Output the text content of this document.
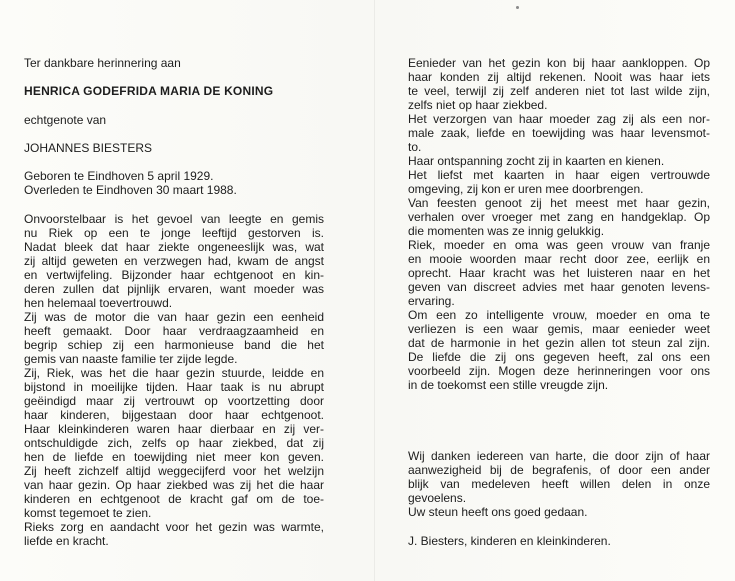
Ter dankbare herinnering aan
HENRICA GODEFRIDA MARIA DE KONING
echtgenote van
JOHANNES BIESTERS
Geboren te Eindhoven 5 april 1929.
Overleden te Eindhoven 30 maart 1988.
Onvoorstelbaar is het gevoel van leegte en gemis
nu Riek op een te jonge leeftijd gestorven is.
Nadat bleek dat haar ziekte ongeneeslijk was, wat
zij altijd geweten en verzwegen had, kwam de angst
en vertwijfeling. Bijzonder haar echtgenoot en kin-
deren zullen dat pijnlijk ervaren, want moeder was
hen helemaal toevertrouwd.
Zij was de motor die van haar gezin een eenheid
heeft gemaakt. Door haar verdraagzaamheid en
begrip schiep zij een harmonieuse band die het
gemis van naaste familie ter zijde legde.
Zij, Riek, was het die haar gezin stuurde, leidde en
bijstond in moeilijke tijden. Haar taak is nu abrupt
geëindigd maar zij vertrouwt op voortzetting door
haar kinderen, bijgestaan door haar echtgenoot.
Haar kleinkinderen waren haar dierbaar en zij ver-
ontschuldigde zich, zelfs op haar ziekbed, dat zij
hen de liefde en toewijding niet meer kon geven.
Zij heeft zichzelf altijd weggecijferd voor het welzijn
van haar gezin. Op haar ziekbed was zij het die haar
kinderen en echtgenoot de kracht gaf om de toe-
komst tegemoet te zien.
Rieks zorg en aandacht voor het gezin was warmte,
liefde en kracht.
Eenieder van het gezin kon bij haar aankloppen. Op
haar konden zij altijd rekenen. Nooit was haar iets
te veel, terwijl zij zelf anderen niet tot last wilde zijn,
zelfs niet op haar ziekbed.
Het verzorgen van haar moeder zag zij als een nor-
male zaak, liefde en toewijding was haar levensmot-
to.
Haar ontspanning zocht zij in kaarten en kienen.
Het liefst met kaarten in haar eigen vertrouwde
omgeving, zij kon er uren mee doorbrengen.
Van feesten genoot zij het meest met haar gezin,
verhalen over vroeger met zang en handgeklap. Op
die momenten was ze innig gelukkig.
Riek, moeder en oma was geen vrouw van franje
en mooie woorden maar recht door zee, eerlijk en
oprecht. Haar kracht was het luisteren naar en het
geven van discreet advies met haar genoten levens-
ervaring.
Om een zo intelligente vrouw, moeder en oma te
verliezen is een waar gemis, maar eenieder weet
dat de harmonie in het gezin allen tot steun zal zijn.
De liefde die zij ons gegeven heeft, zal ons een
voorbeeld zijn. Mogen deze herinneringen voor ons
in de toekomst een stille vreugde zijn.
Wij danken iedereen van harte, die door zijn of haar
aanwezigheid bij de begrafenis, of door een ander
blijk van medeleven heeft willen delen in onze
gevoelens.
Uw steun heeft ons goed gedaan.
J. Biesters, kinderen en kleinkinderen.
